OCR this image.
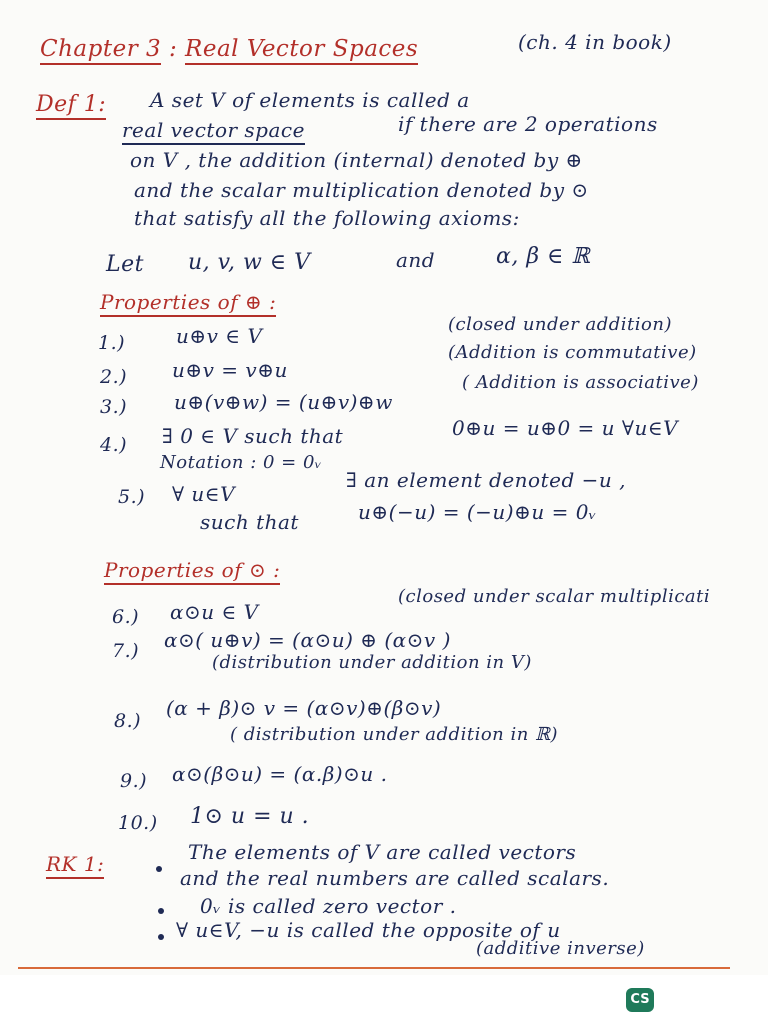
Chapter 3 : Real Vector Spaces	(ch. 4 in book)
Def 1: A set V of elements is called a
real vector space	if there are 2 operations
on V , the addition (internal) denoted by ⊕
and the scalar multiplication denoted by ⊙
that satisfy all the following axioms:
Let u, v, w ∈ V	and	α, β ∈ ℝ
Properties of ⊕ :
1.)	u⊕v ∈ V	(closed under addition)
2.) u⊕v = v⊕u
(Addition is commutative)
3.) u⊕(v⊕w) = (u⊕v)⊕w
( Addition is associative)
4.) ∃ 0 ∈ V such that	0⊕u = u⊕0 = u ∀u∈V
Notation : 0 = 0ᵥ
5.) ∀ u∈V
∃ an element denoted −u ,
such that	u⊕(−u) = (−u)⊕u = 0ᵥ
Properties of ⊙ :
6.) α⊙u ∈ V
(closed under scalar multiplicati
7.) α⊙( u⊕v) = (α⊙u) ⊕ (α⊙v )
(distribution under addition in V)
8.)
(α + β)⊙ v = (α⊙v)⊕(β⊙v)
( distribution under addition in ℝ)
9.) α⊙(β⊙u) = (α.β)⊙u .
10.) 1⊙ u = u .
RK 1:	The elements of V are called vectors
and the real numbers are called scalars.
0ᵥ is called zero vector .
∀ u∈V, −u is called the opposite of u
(additive inverse)
CS
